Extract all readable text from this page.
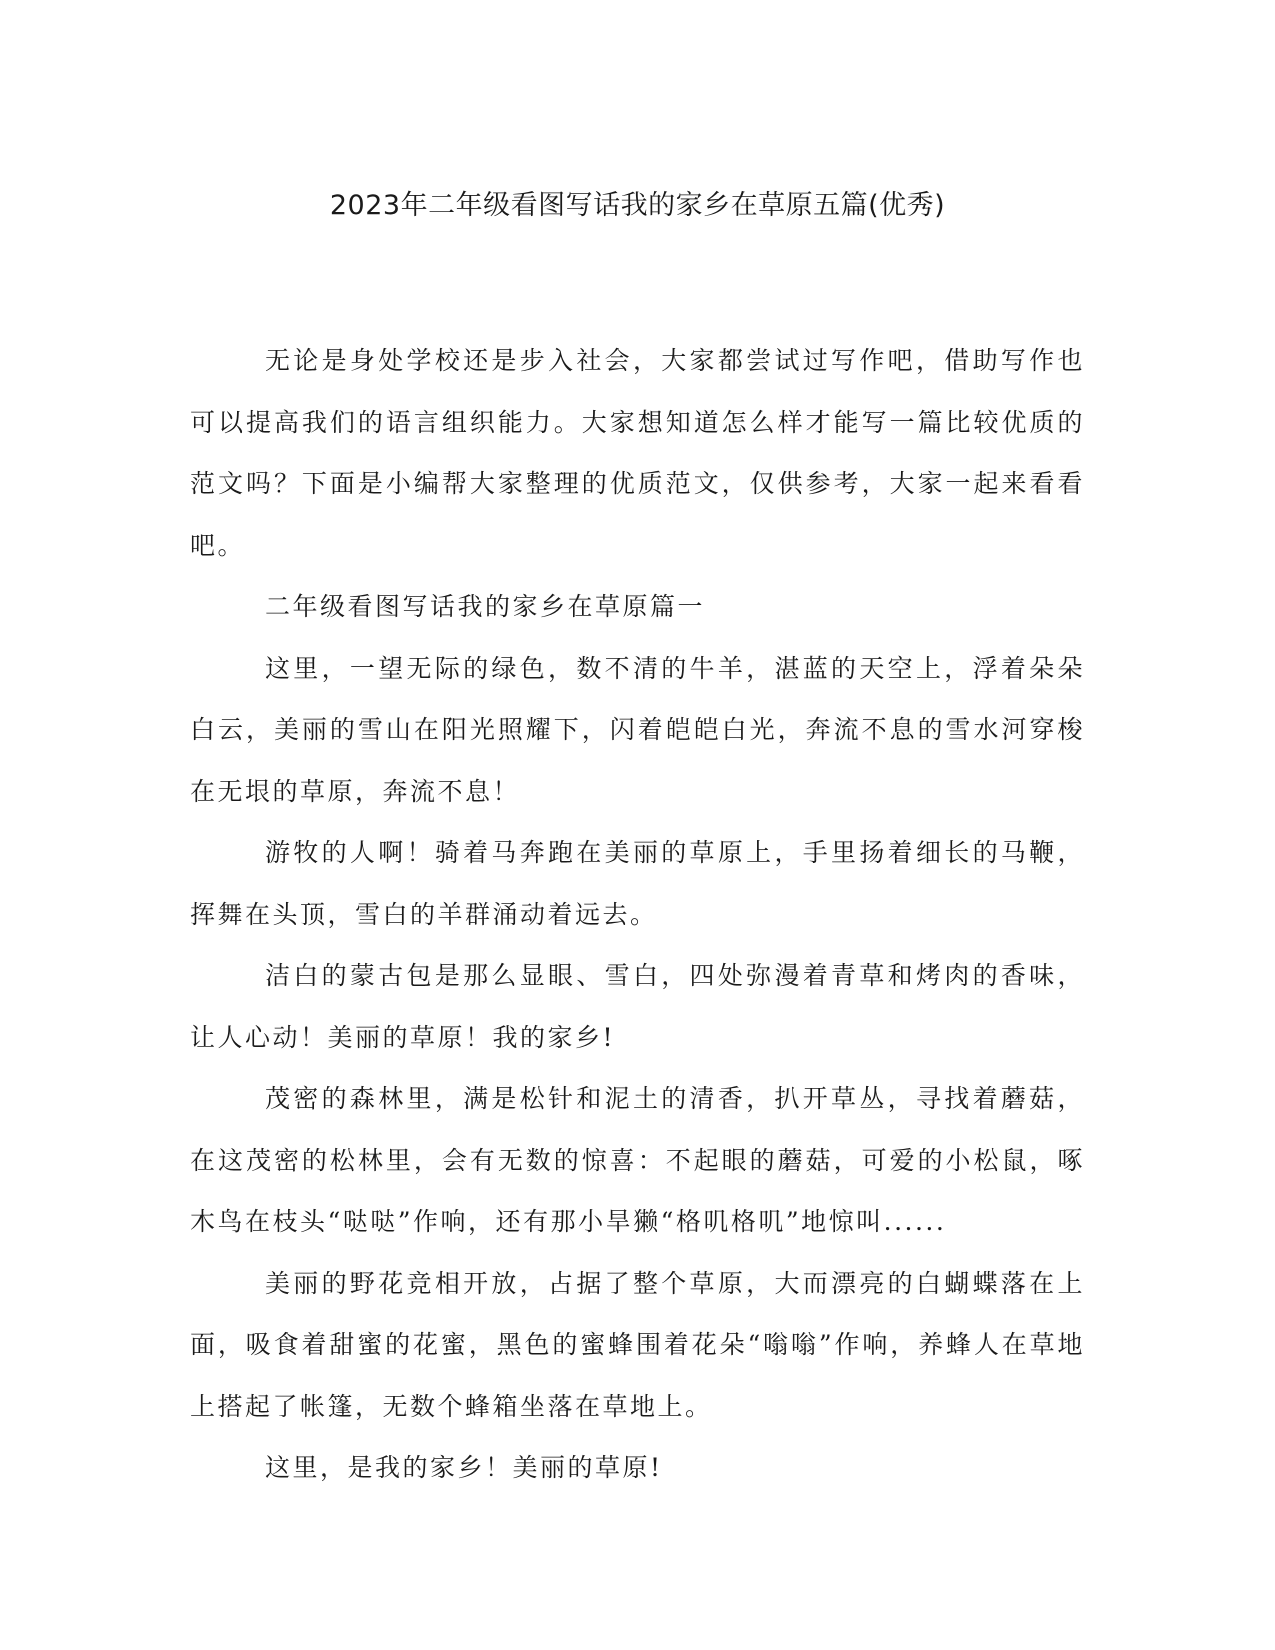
2023年二年级看图写话我的家乡在草原五篇(优秀)

无论是身处学校还是步入社会，大家都尝试过写作吧，借助写作也可以提高我们的语言组织能力。大家想知道怎么样才能写一篇比较优质的范文吗？下面是小编帮大家整理的优质范文，仅供参考，大家一起来看看吧。

二年级看图写话我的家乡在草原篇一

这里，一望无际的绿色，数不清的牛羊，湛蓝的天空上，浮着朵朵白云，美丽的雪山在阳光照耀下，闪着皑皑白光，奔流不息的雪水河穿梭在无垠的草原，奔流不息！

游牧的人啊！骑着马奔跑在美丽的草原上，手里扬着细长的马鞭，挥舞在头顶，雪白的羊群涌动着远去。

洁白的蒙古包是那么显眼、雪白，四处弥漫着青草和烤肉的香味，让人心动！美丽的草原！我的家乡!

茂密的森林里，满是松针和泥土的清香，扒开草丛，寻找着蘑菇，在这茂密的松林里，会有无数的惊喜：不起眼的蘑菇，可爱的小松鼠，啄木鸟在枝头“哒哒”作响，还有那小旱獭“格叽格叽”地惊叫......

美丽的野花竞相开放，占据了整个草原，大而漂亮的白蝴蝶落在上面，吸食着甜蜜的花蜜，黑色的蜜蜂围着花朵“嗡嗡”作响，养蜂人在草地上搭起了帐篷，无数个蜂箱坐落在草地上。

这里，是我的家乡！美丽的草原!
